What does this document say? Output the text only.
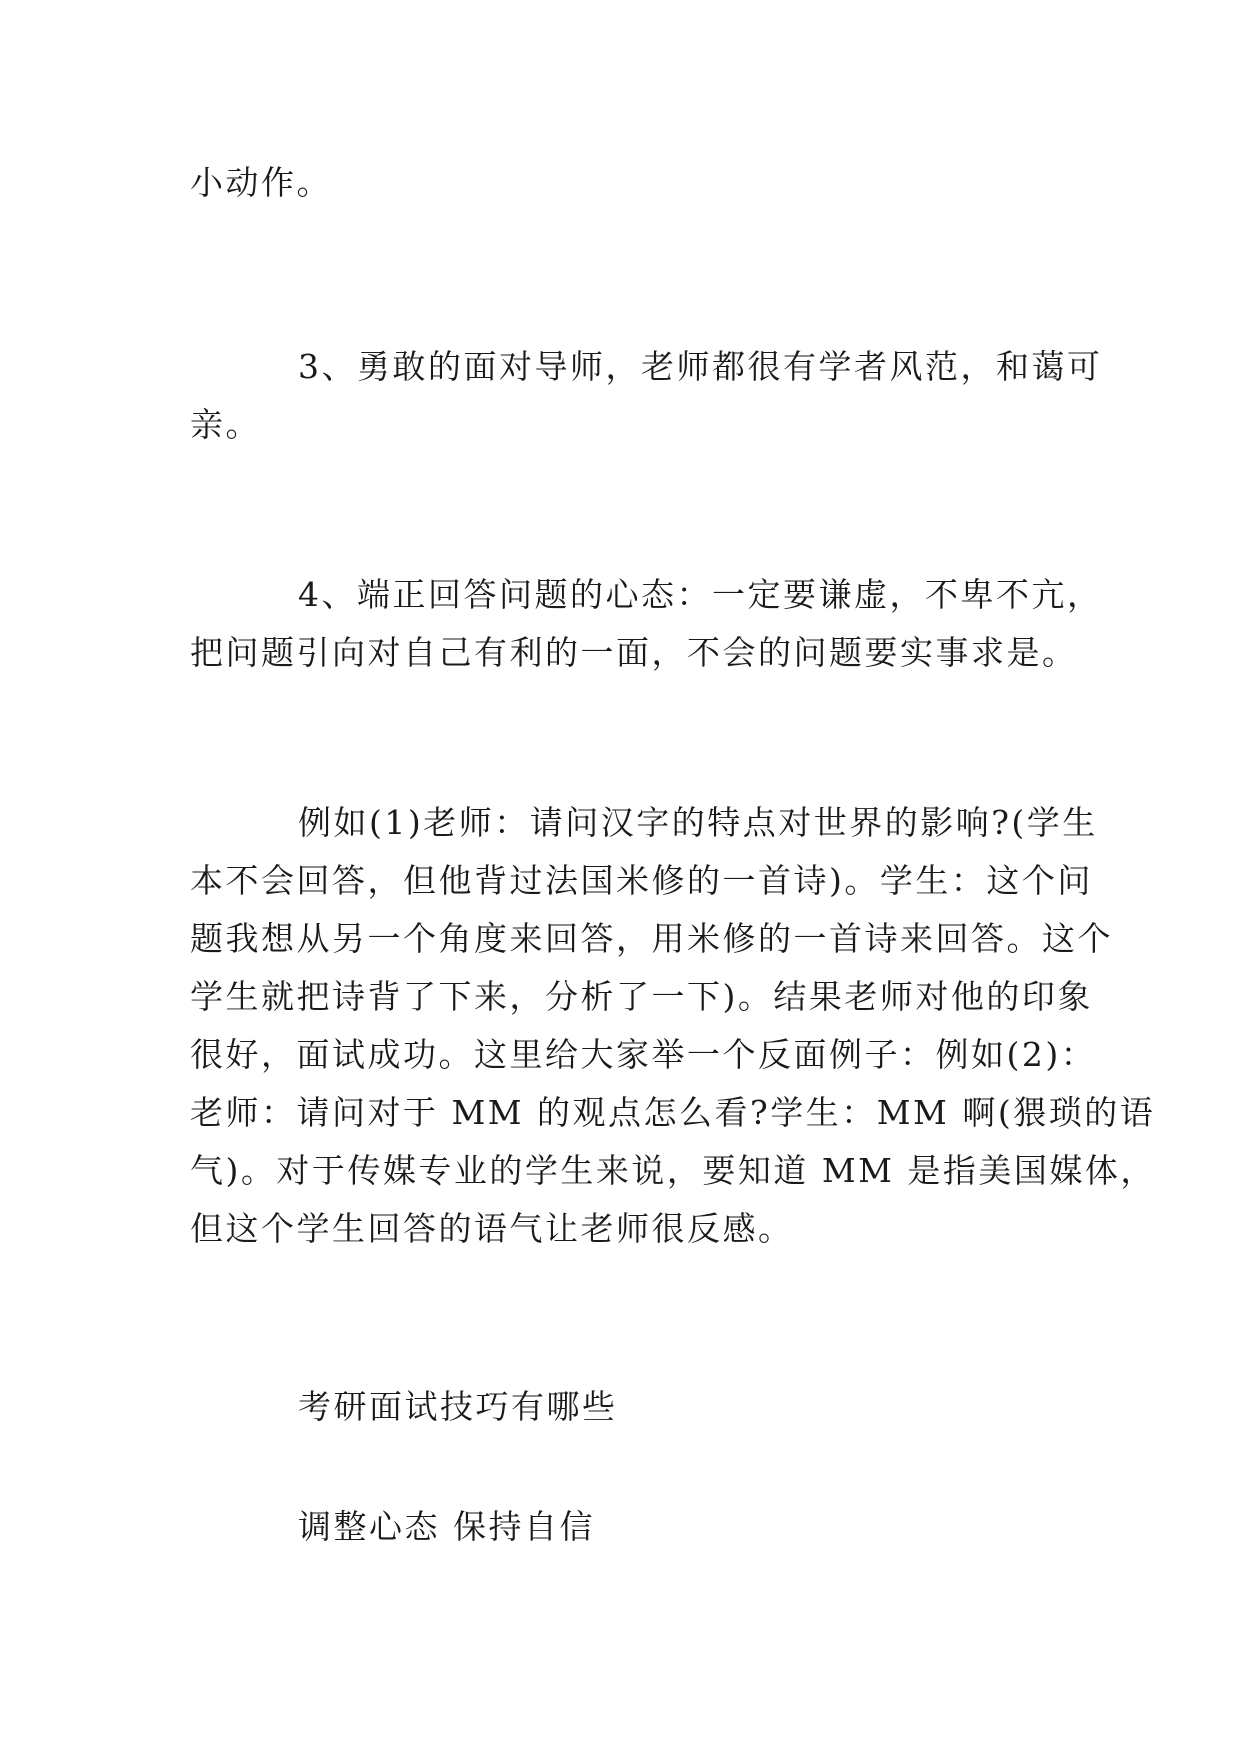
小动作。
3、勇敢的面对导师，老师都很有学者风范，和蔼可
亲。
4、端正回答问题的心态：一定要谦虚，不卑不亢，
把问题引向对自己有利的一面，不会的问题要实事求是。
例如(1)老师：请问汉字的特点对世界的影响?(学生
本不会回答，但他背过法国米修的一首诗)。学生：这个问
题我想从另一个角度来回答，用米修的一首诗来回答。这个
学生就把诗背了下来，分析了一下)。结果老师对他的印象
很好，面试成功。这里给大家举一个反面例子：例如(2)：
老师：请问对于 MM 的观点怎么看?学生：MM 啊(猥琐的语
气)。对于传媒专业的学生来说，要知道 MM 是指美国媒体，
但这个学生回答的语气让老师很反感。
考研面试技巧有哪些
调整心态 保持自信
